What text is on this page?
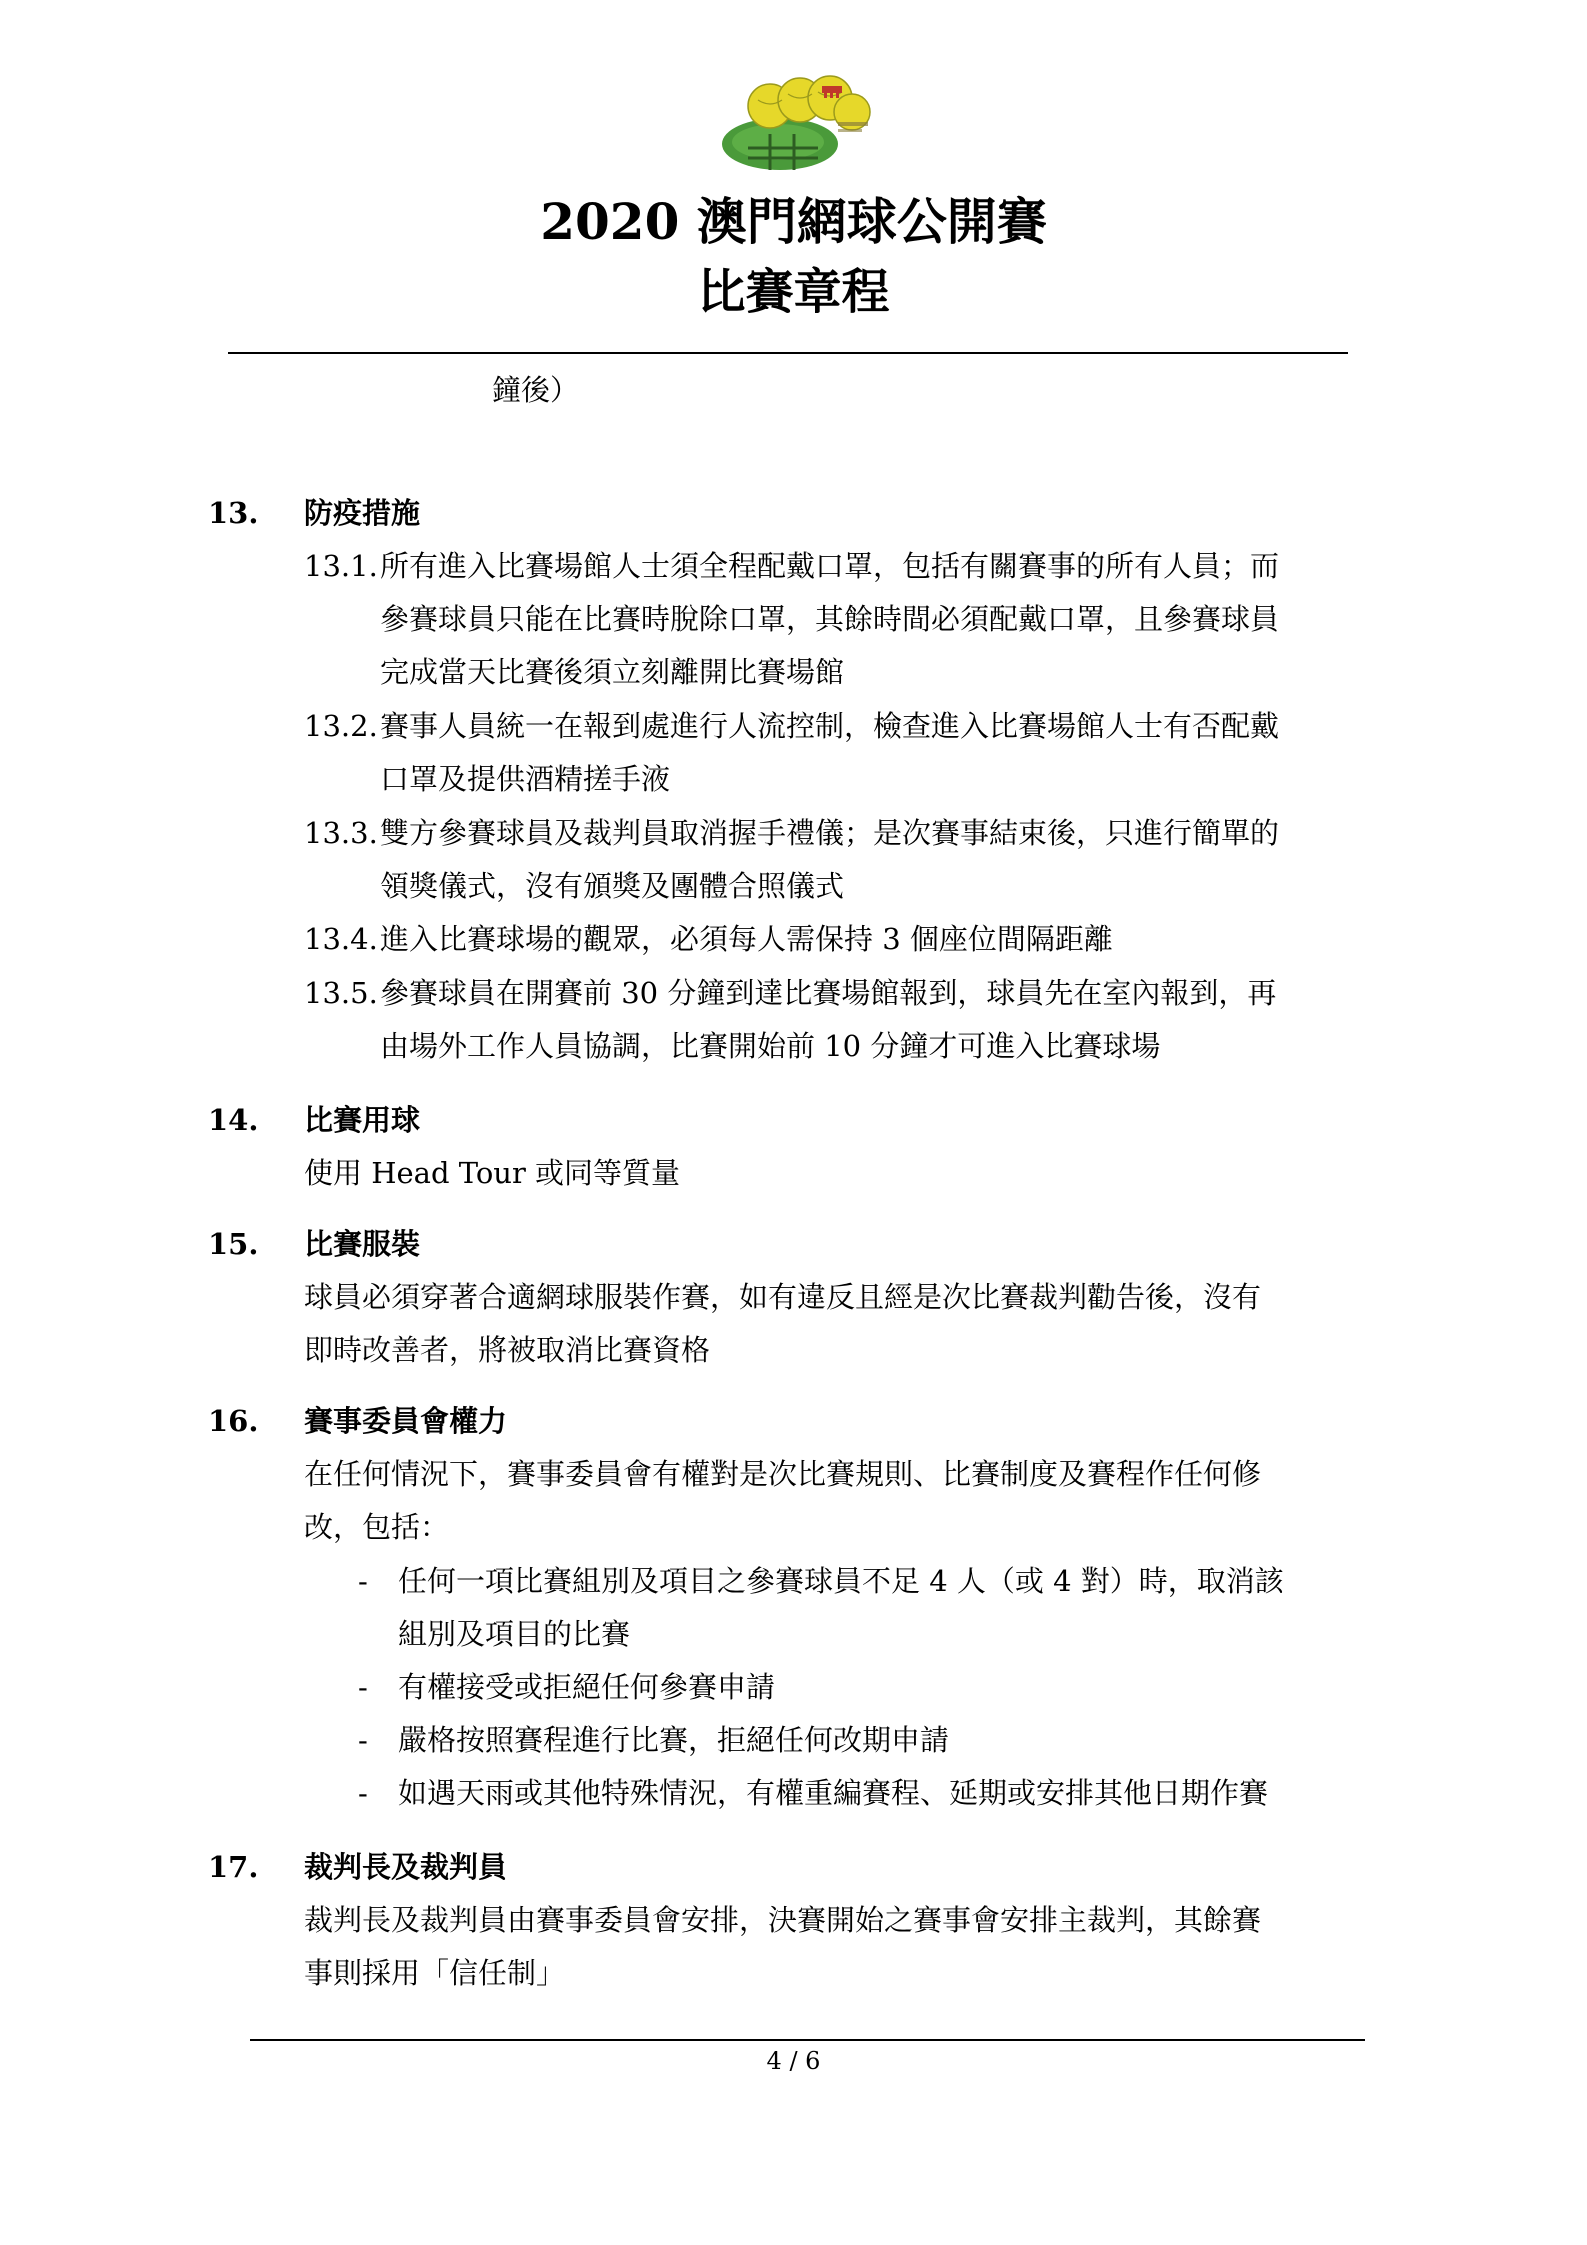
2020 澳門網球公開賽
比賽章程
鐘後）
13. 防疫措施
13.1. 所有進入比賽場館人士須全程配戴口罩，包括有關賽事的所有人員；而
參賽球員只能在比賽時脫除口罩，其餘時間必須配戴口罩，且參賽球員
完成當天比賽後須立刻離開比賽場館
13.2. 賽事人員統一在報到處進行人流控制，檢查進入比賽場館人士有否配戴
口罩及提供酒精搓手液
13.3. 雙方參賽球員及裁判員取消握手禮儀；是次賽事結束後，只進行簡單的
領獎儀式，沒有頒獎及團體合照儀式
13.4. 進入比賽球場的觀眾，必須每人需保持 3 個座位間隔距離
13.5. 參賽球員在開賽前 30 分鐘到達比賽場館報到，球員先在室內報到，再
由場外工作人員協調，比賽開始前 10 分鐘才可進入比賽球場
14. 比賽用球
使用 Head Tour 或同等質量
15. 比賽服裝
球員必須穿著合適網球服裝作賽，如有違反且經是次比賽裁判勸告後，沒有
即時改善者，將被取消比賽資格
16. 賽事委員會權力
在任何情況下，賽事委員會有權對是次比賽規則、比賽制度及賽程作任何修
改，包括：
- 任何一項比賽組別及項目之參賽球員不足 4 人（或 4 對）時，取消該
組別及項目的比賽
- 有權接受或拒絕任何參賽申請
- 嚴格按照賽程進行比賽，拒絕任何改期申請
- 如遇天雨或其他特殊情況，有權重編賽程、延期或安排其他日期作賽
17. 裁判長及裁判員
裁判長及裁判員由賽事委員會安排，決賽開始之賽事會安排主裁判，其餘賽
事則採用「信任制」
4 / 6
